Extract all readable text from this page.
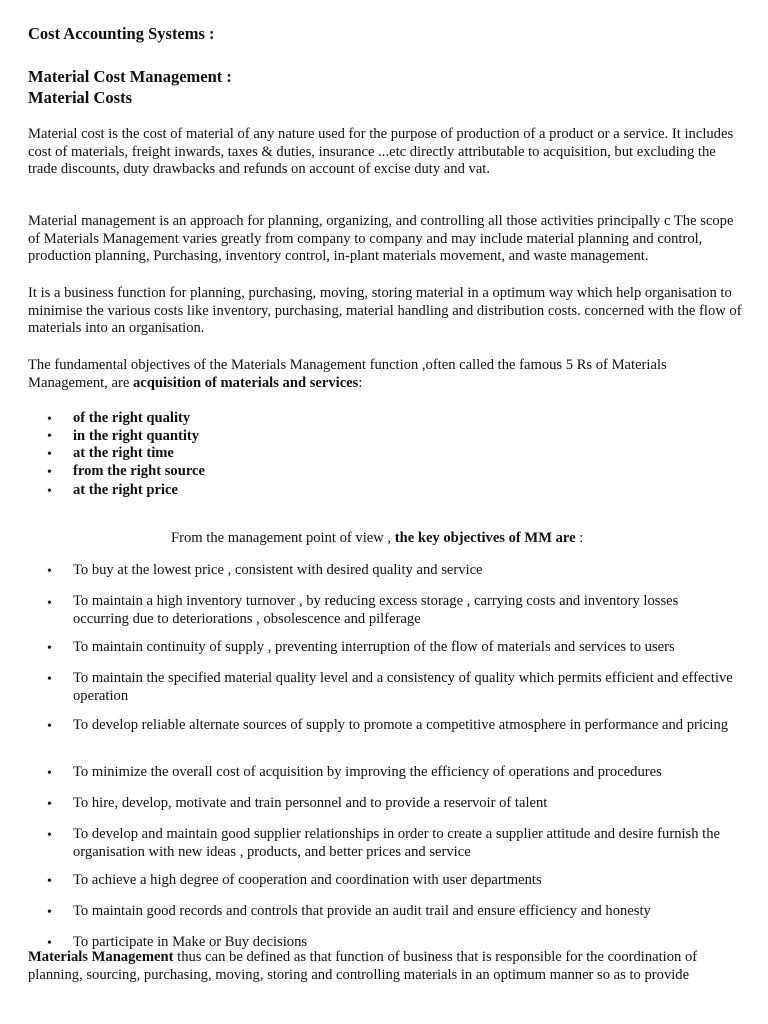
Cost Accounting Systems :
Material Cost Management :
Material Costs

Material cost is the cost of material of any nature used for the purpose of production of a product or a service. It includes cost of materials, freight inwards, taxes & duties, insurance ...etc directly attributable to acquisition, but excluding the trade discounts, duty drawbacks and refunds on account of excise duty and vat.

Material management is an approach for planning, organizing, and controlling all those activities principally c The scope of Materials Management varies greatly from company to company and may include material planning and control, production planning, Purchasing, inventory control, in-plant materials movement, and waste management.

It is a business function for planning, purchasing, moving, storing material in a optimum way which help organisation to minimise the various costs like inventory, purchasing, material handling and distribution costs. concerned with the flow of materials into an organisation.

The fundamental objectives of the Materials Management function ,often called the famous 5 Rs of Materials Management, are acquisition of materials and services:

• of the right quality
• in the right quantity
• at the right time
• from the right source
• at the right price

From the management point of view , the key objectives of MM are :

• To buy at the lowest price , consistent with desired quality and service
• To maintain a high inventory turnover , by reducing excess storage , carrying costs and inventory losses occurring due to deteriorations , obsolescence and pilferage
• To maintain continuity of supply , preventing interruption of the flow of materials and services to users
• To maintain the specified material quality level and a consistency of quality which permits efficient and effective operation
• To develop reliable alternate sources of supply to promote a competitive atmosphere in performance and pricing
• To minimize the overall cost of acquisition by improving the efficiency of operations and procedures
• To hire, develop, motivate and train personnel and to provide a reservoir of talent
• To develop and maintain good supplier relationships in order to create a supplier attitude and desire furnish the organisation with new ideas , products, and better prices and service
• To achieve a high degree of cooperation and coordination with user departments
• To maintain good records and controls that provide an audit trail and ensure efficiency and honesty
• To participate in Make or Buy decisions

Materials Management thus can be defined as that function of business that is responsible for the coordination of planning, sourcing, purchasing, moving, storing and controlling materials in an optimum manner so as to provide
